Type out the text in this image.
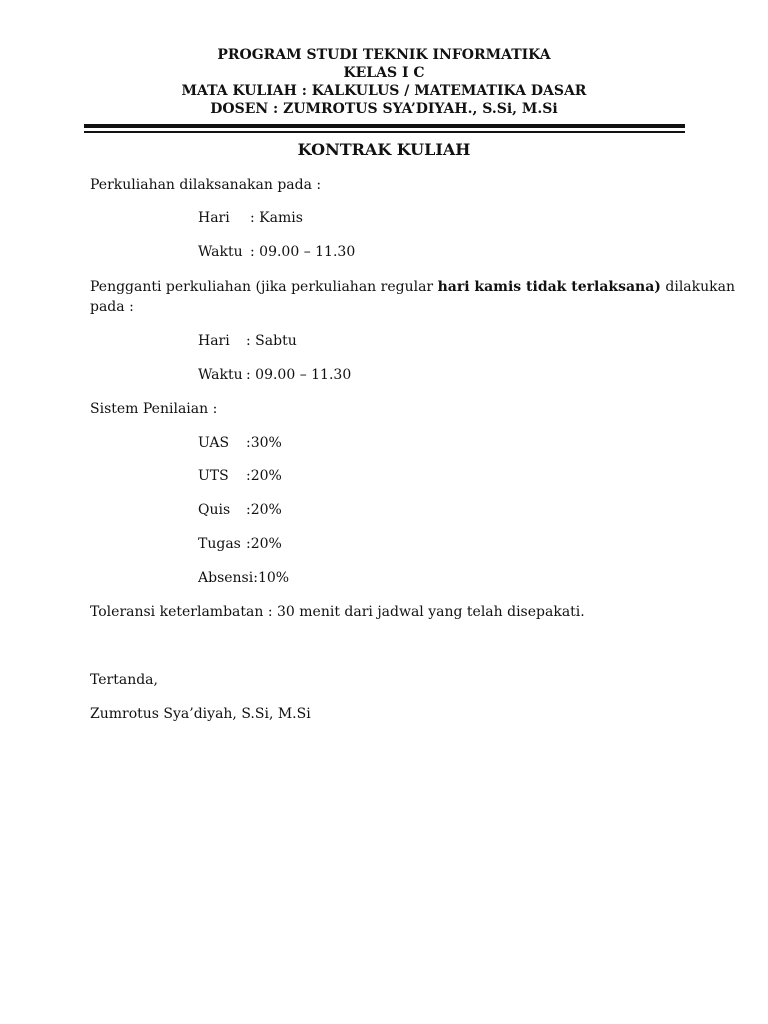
PROGRAM STUDI TEKNIK INFORMATIKA
KELAS I C
MATA KULIAH : KALKULUS / MATEMATIKA DASAR
DOSEN : ZUMROTUS SYA’DIYAH., S.Si, M.Si
KONTRAK KULIAH
Perkuliahan dilaksanakan pada :
Hari : Kamis
Waktu : 09.00 – 11.30
Pengganti perkuliahan (jika perkuliahan regular hari kamis tidak terlaksana) dilakukan
pada :
Hari : Sabtu
Waktu : 09.00 – 11.30
Sistem Penilaian :
UAS :30%
UTS :20%
Quis :20%
Tugas :20%
Absensi:10%
Toleransi keterlambatan : 30 menit dari jadwal yang telah disepakati.
Tertanda,
Zumrotus Sya’diyah, S.Si, M.Si
